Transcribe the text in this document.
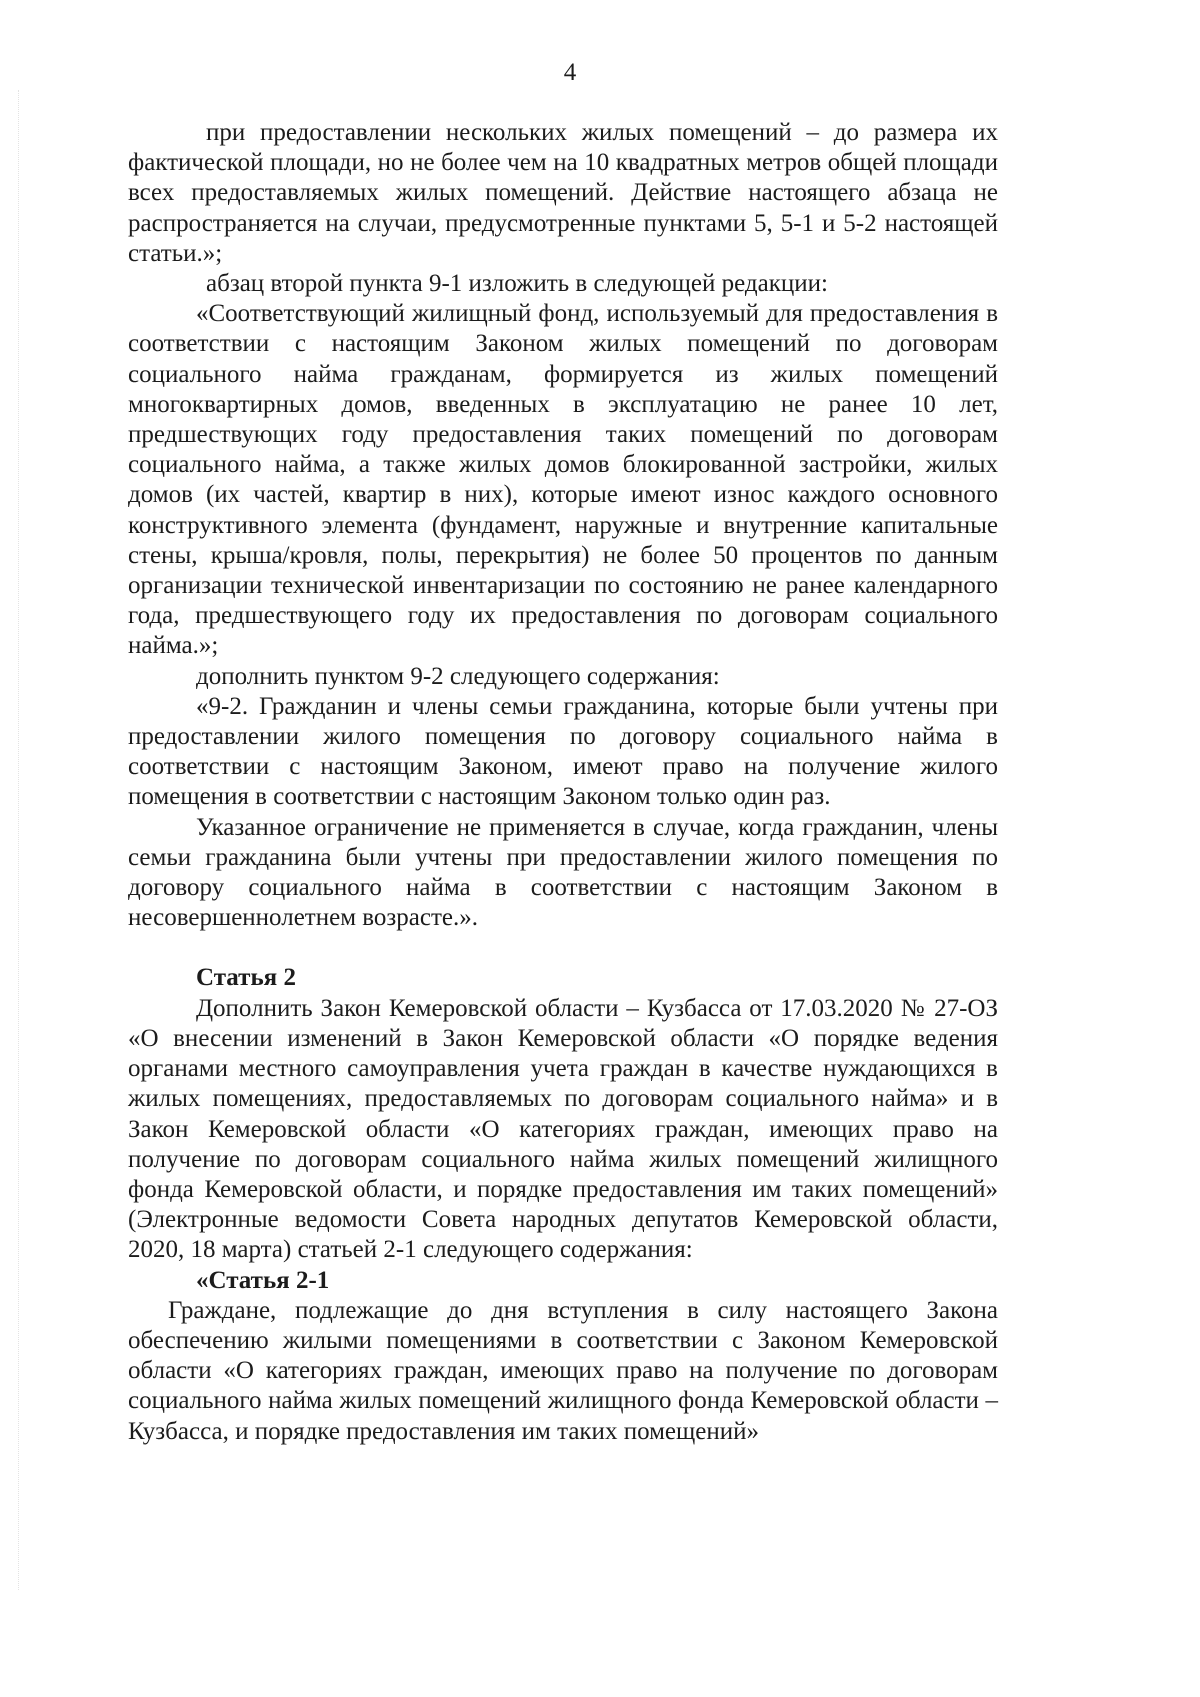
4

при предоставлении нескольких жилых помещений – до размера их фактической площади, но не более чем на 10 квадратных метров общей площади всех предоставляемых жилых помещений. Действие настоящего абзаца не распространяется на случаи, предусмотренные пунктами 5, 5-1 и 5-2 настоящей статьи.»;

абзац второй пункта 9-1 изложить в следующей редакции:

«Соответствующий жилищный фонд, используемый для предоставления в соответствии с настоящим Законом жилых помещений по договорам социального найма гражданам, формируется из жилых помещений многоквартирных домов, введенных в эксплуатацию не ранее 10 лет, предшествующих году предоставления таких помещений по договорам социального найма, а также жилых домов блокированной застройки, жилых домов (их частей, квартир в них), которые имеют износ каждого основного конструктивного элемента (фундамент, наружные и внутренние капитальные стены, крыша/кровля, полы, перекрытия) не более 50 процентов по данным организации технической инвентаризации по состоянию не ранее календарного года, предшествующего году их предоставления по договорам социального найма.»;

дополнить пунктом 9-2 следующего содержания:

«9-2. Гражданин и члены семьи гражданина, которые были учтены при предоставлении жилого помещения по договору социального найма в соответствии с настоящим Законом, имеют право на получение жилого помещения в соответствии с настоящим Законом только один раз.

Указанное ограничение не применяется в случае, когда гражданин, члены семьи гражданина были учтены при предоставлении жилого помещения по договору социального найма в соответствии с настоящим Законом в несовершеннолетнем возрасте.».

Статья 2

Дополнить Закон Кемеровской области – Кузбасса от 17.03.2020 № 27-ОЗ «О внесении изменений в Закон Кемеровской области «О порядке ведения органами местного самоуправления учета граждан в качестве нуждающихся в жилых помещениях, предоставляемых по договорам социального найма» и в Закон Кемеровской области «О категориях граждан, имеющих право на получение по договорам социального найма жилых помещений жилищного фонда Кемеровской области, и порядке предоставления им таких помещений» (Электронные ведомости Совета народных депутатов Кемеровской области, 2020, 18 марта) статьей 2-1 следующего содержания:

«Статья 2-1

Граждане, подлежащие до дня вступления в силу настоящего Закона обеспечению жилыми помещениями в соответствии с Законом Кемеровской области «О категориях граждан, имеющих право на получение по договорам социального найма жилых помещений жилищного фонда Кемеровской области – Кузбасса, и порядке предоставления им таких помещений»
